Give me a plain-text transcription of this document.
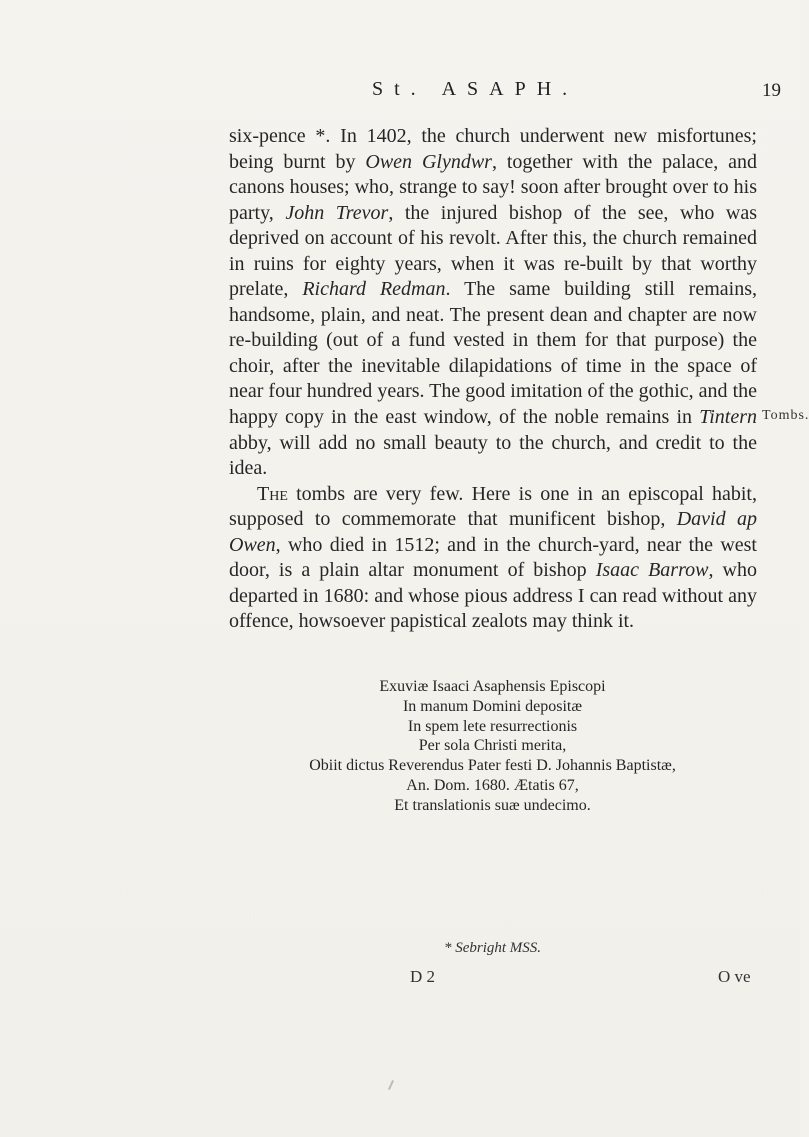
St. ASAPH.	19

six-pence *. In 1402, the church underwent new misfortunes; being burnt by Owen Glyndwr, together with the palace, and canons houses; who, strange to say! soon after brought over to his party, John Trevor, the injured bishop of the see, who was deprived on account of his revolt. After this, the church remained in ruins for eighty years, when it was re-built by that worthy prelate, Richard Redman. The same building still remains, handsome, plain, and neat. The present dean and chapter are now re-building (out of a fund vested in them for that purpose) the choir, after the inevitable dilapidations of time in the space of near four hundred years. The good imitation of the gothic, and the happy copy in the east window, of the noble remains in Tintern abby, will add no small beauty to the church, and credit to the idea.

The tombs are very few. Here is one in an episcopal habit, supposed to commemorate that munificent bishop, David ap Owen, who died in 1512; and in the church-yard, near the west door, is a plain altar monument of bishop Isaac Barrow, who departed in 1680: and whose pious address I can read without any offence, howsoever papistical zealots may think it.

Tombs.
Exuviæ Isaaci Asaphensis Episcopi
In manum Domini depositæ
In spem lete resurrectionis
Per sola Christi merita,
Obiit dictus Reverendus Pater festi D. Johannis Baptistæ,
An. Dom. 1680. Ætatis 67,
Et translationis suæ undecimo.
* Sebright MSS.
D 2	O ve
